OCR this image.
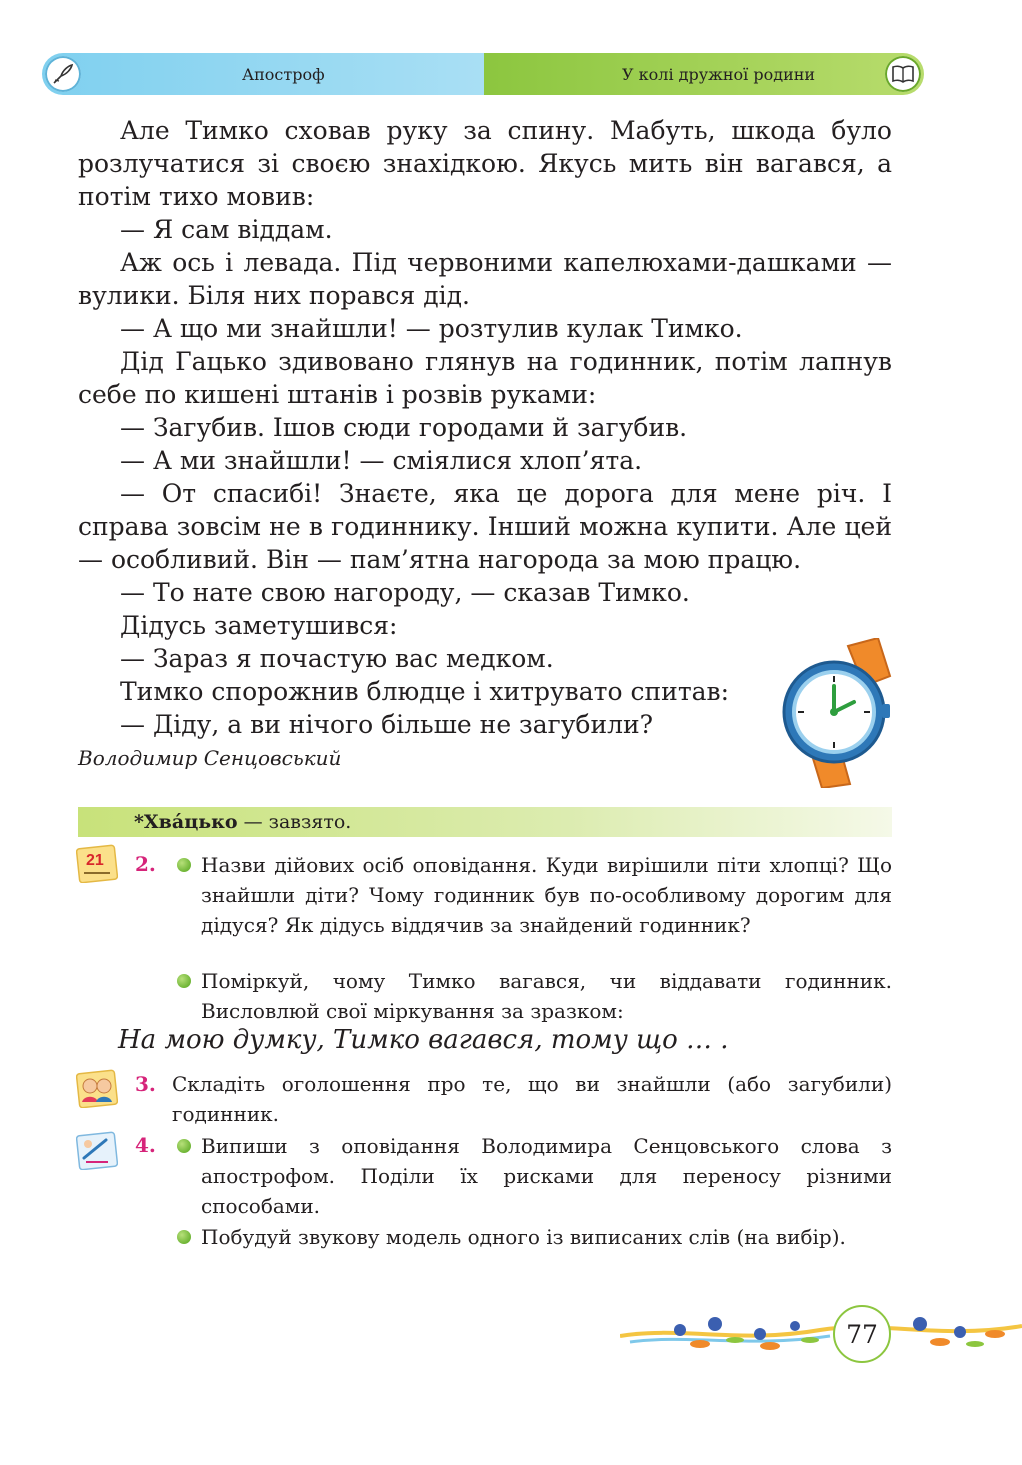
Апостроф	У колі дружної родини

Але Тимко сховав руку за спину. Мабуть, шкода було розлучатися зі своєю знахідкою. Якусь мить він вагався, а потім тихо мовив:

— Я сам віддам.

Аж ось і левада. Під червоними капелюхами-дашками — вулики. Біля них порався дід.

— А що ми знайшли! — розтулив кулак Тимко.

Дід Гацько здивовано глянув на годинник, потім лапнув себе по кишені штанів і розвів руками:

— Загубив. Ішов сюди городами й загубив.

— А ми знайшли! — сміялися хлоп’ята.

— От спасибі! Знаєте, яка це дорога для мене річ. І справа зовсім не в годиннику. Інший можна купити. Але цей — особливий. Він — пам’ятна нагорода за мою працю.

— То нате свою нагороду, — сказав Тимко.

Дідусь заметушився:

— Зараз я почастую вас медком.

Тимко спорожнив блюдце і хитрувато спитав:

— Діду, а ви нічого більше не загубили?

Володимир Сенцовський

*Хва́цько — завзято.
21 2. Назви дійових осіб оповідання. Куди вирішили піти хлопці? Що знайшли діти? Чому годинник був по-особливому дорогим для дідуся? Як дідусь віддячив за знайдений годинник?

Поміркуй, чому Тимко вагався, чи віддавати годинник. Висловлюй свої міркування за зразком:

На мою думку, Тимко вагався, тому що … .
3. Складіть оголошення про те, що ви знайшли (або загубили) годинник.

4. Випиши з оповідання Володимира Сенцовського слова з апострофом. Поділи їх рисками для переносу різними способами.

Побудуй звукову модель одного із виписаних слів (на вибір).

77
